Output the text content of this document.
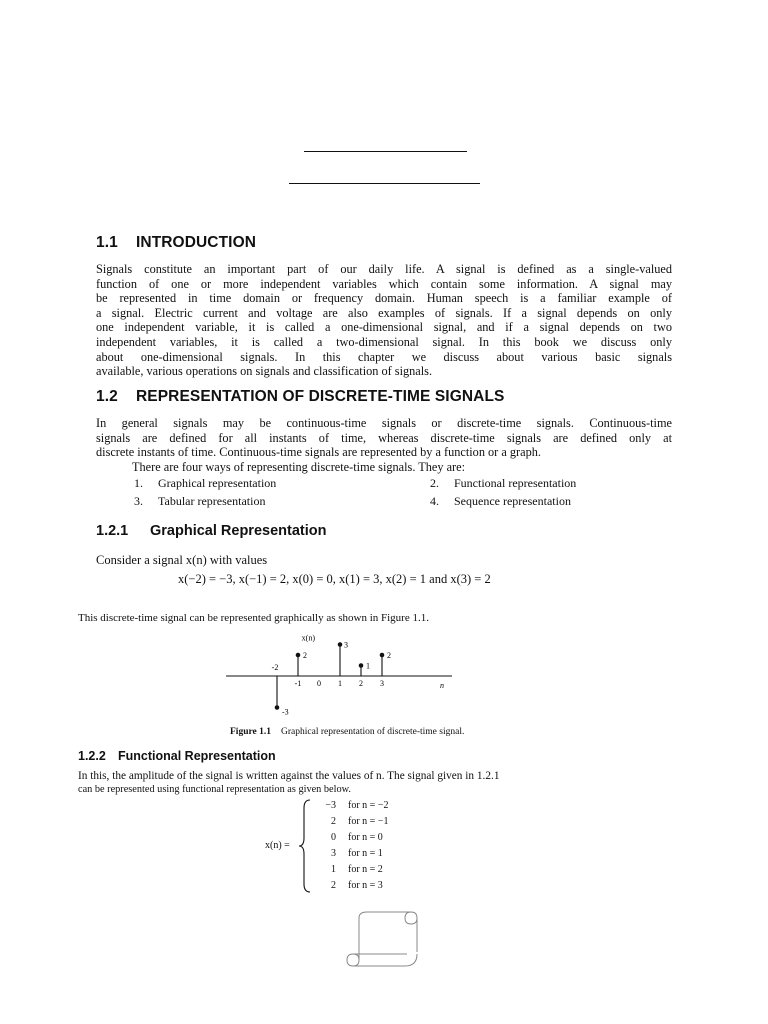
1.1 INTRODUCTION
Signals constitute an important part of our daily life. A signal is defined as a single-valued
function of one or more independent variables which contain some information. A signal may
be represented in time domain or frequency domain. Human speech is a familiar example of
a signal. Electric current and voltage are also examples of signals. If a signal depends on only
one independent variable, it is called a one-dimensional signal, and if a signal depends on two
independent variables, it is called a two-dimensional signal. In this book we discuss only
about one-dimensional signals. In this chapter we discuss about various basic signals
available, various operations on signals and classification of signals.
1.2 REPRESENTATION OF DISCRETE-TIME SIGNALS
In general signals may be continuous-time signals or discrete-time signals. Continuous-time
signals are defined for all instants of time, whereas discrete-time signals are defined only at
discrete instants of time. Continuous-time signals are represented by a function or a graph.
There are four ways of representing discrete-time signals. They are:
1. Graphical representation	2. Functional representation
3. Tabular representation	4. Sequence representation
1.2.1 Graphical Representation
Consider a signal x(n) with values
x(−2) = −3, x(−1) = 2, x(0) = 0, x(1) = 3, x(2) = 1 and x(3) = 2
This discrete-time signal can be represented graphically as shown in Figure 1.1.
n
x(n)
-3
2
3
1
2
-2
-1 0 1 2 3
Figure 1.1 Graphical representation of discrete-time signal.
1.2.2 Functional Representation
In this, the amplitude of the signal is written against the values of n. The signal given in 1.2.1
can be represented using functional representation as given below.
x(n) =
−3	for n = −2
2	for n = −1
0	for n = 0
3	for n = 1
1	for n = 2
2	for n = 3
